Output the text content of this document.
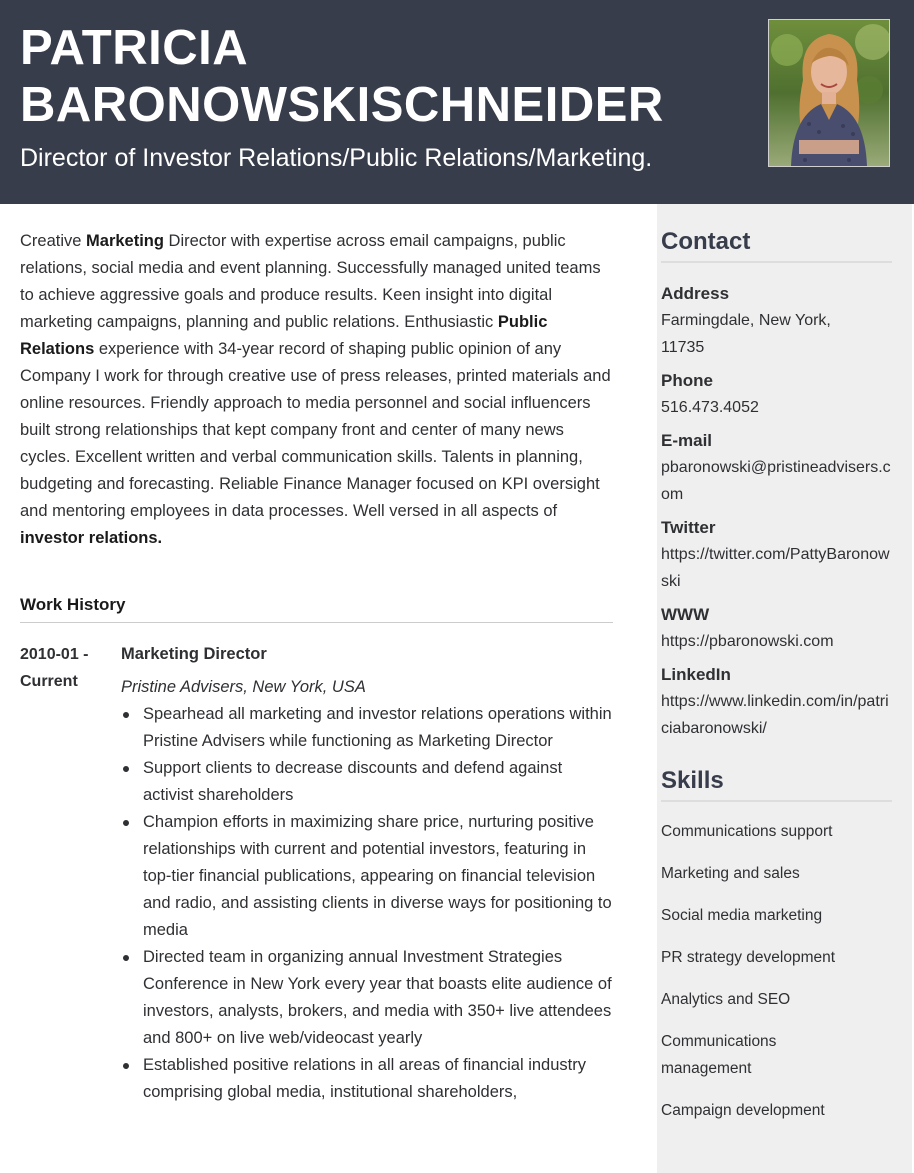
PATRICIA
BARONOWSKISCHNEIDER
Director of Investor Relations/Public Relations/Marketing.
Creative Marketing Director with expertise across email campaigns, public relations, social media and event planning. Successfully managed united teams to achieve aggressive goals and produce results. Keen insight into digital marketing campaigns, planning and public relations. Enthusiastic Public Relations experience with 34-year record of shaping public opinion of any Company I work for through creative use of press releases, printed materials and online resources. Friendly approach to media personnel and social influencers built strong relationships that kept company front and center of many news cycles. Excellent written and verbal communication skills. Talents in planning, budgeting and forecasting. Reliable Finance Manager focused on KPI oversight and mentoring employees in data processes. Well versed in all aspects of investor relations.
Work History
2010-01 - Current
Marketing Director
Pristine Advisers, New York, USA
Spearhead all marketing and investor relations operations within Pristine Advisers while functioning as Marketing Director
Support clients to decrease discounts and defend against activist shareholders
Champion efforts in maximizing share price, nurturing positive relationships with current and potential investors, featuring in top-tier financial publications, appearing on financial television and radio, and assisting clients in diverse ways for positioning to media
Directed team in organizing annual Investment Strategies Conference in New York every year that boasts elite audience of investors, analysts, brokers, and media with 350+ live attendees and 800+ on live web/videocast yearly
Established positive relations in all areas of financial industry comprising global media, institutional shareholders,
Contact
Address
Farmingdale, New York, 11735
Phone
516.473.4052
E-mail
pbaronowski@pristineadvisers.com
Twitter
https://twitter.com/PattyBaronowski
WWW
https://pbaronowski.com
LinkedIn
https://www.linkedin.com/in/patriciabaronowski/
Skills
Communications support
Marketing and sales
Social media marketing
PR strategy development
Analytics and SEO
Communications management
Campaign development
